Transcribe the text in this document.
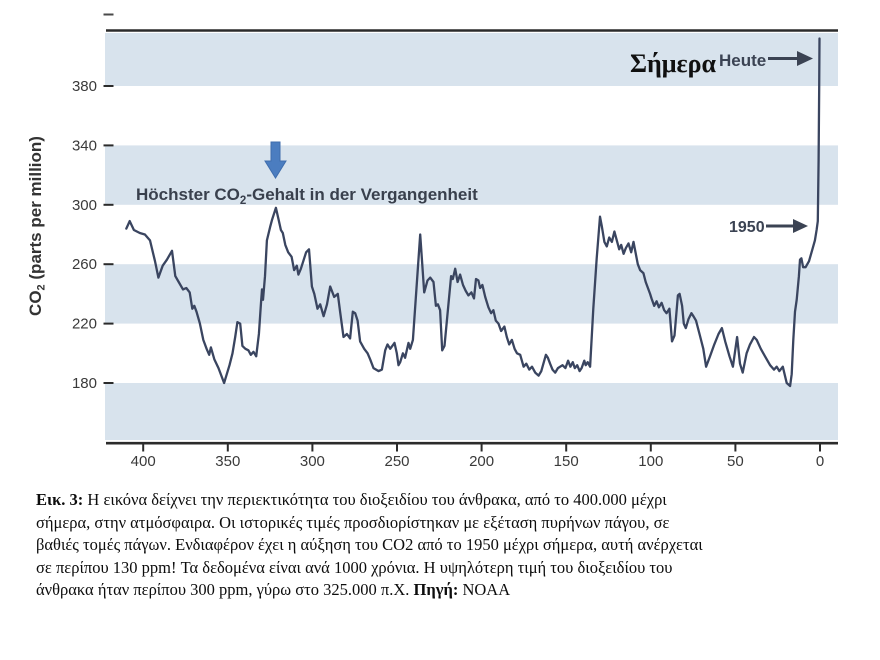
380
340
300
260
220
180
400	350	300	250	200	150	100	50	0
$CO_2$ (parts per million)	Höchster $CO_2$-Gehalt in der Vergangenheit
Σήμερα Heute
1950
Εικ. 3: Η εικόνα δείχνει την περιεκτικότητα του διοξειδίου του άνθρακα, από το 400.000 μέχρι
σήμερα, στην ατμόσφαιρα. Οι ιστορικές τιμές προσδιορίστηκαν με εξέταση πυρήνων πάγου, σε
βαθιές τομές πάγων. Ενδιαφέρον έχει η αύξηση του CO2 από το 1950 μέχρι σήμερα, αυτή ανέρχεται
σε περίπου 130 ppm! Τα δεδομένα είναι ανά 1000 χρόνια. Η υψηλότερη τιμή του διοξειδίου του
άνθρακα ήταν περίπου 300 ppm, γύρω στο 325.000 π.Χ. Πηγή: NOAA
